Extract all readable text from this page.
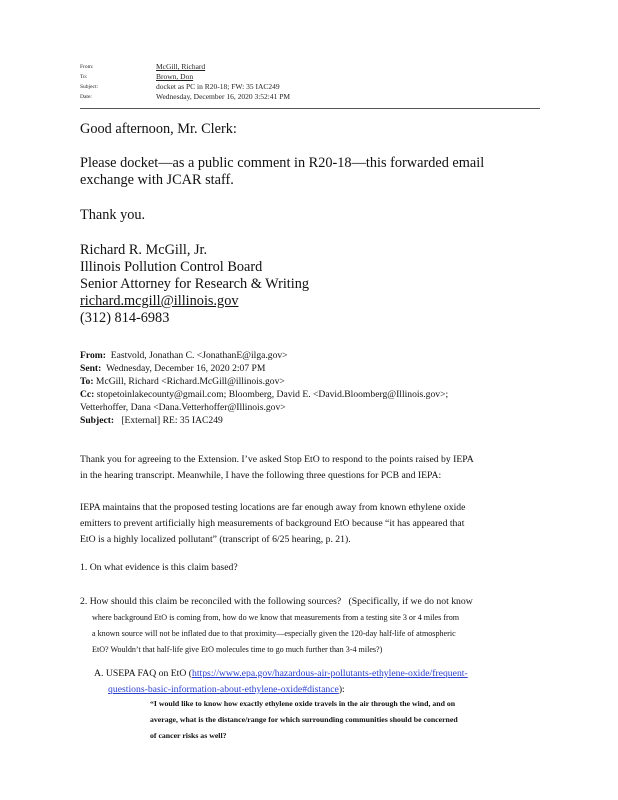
From:	McGill, Richard
To:	Brown, Don
Subject:	docket as PC in R20-18; FW: 35 IAC249
Date:	Wednesday, December 16, 2020 3:52:41 PM
Good afternoon, Mr. Clerk:
Please docket—as a public comment in R20-18—this forwarded email
exchange with JCAR staff.
Thank you.
Richard R. McGill, Jr.
Illinois Pollution Control Board
Senior Attorney for Research & Writing
richard.mcgill@illinois.gov
(312) 814-6983
From: Eastvold, Jonathan C. <JonathanE@ilga.gov>
Sent: Wednesday, December 16, 2020 2:07 PM
To: McGill, Richard <Richard.McGill@illinois.gov>
Cc: stopetoinlakecounty@gmail.com; Bloomberg, David E. <David.Bloomberg@Illinois.gov>;
Vetterhoffer, Dana <Dana.Vetterhoffer@Illinois.gov>
Subject: [External] RE: 35 IAC249
Thank you for agreeing to the Extension. I’ve asked Stop EtO to respond to the points raised by IEPA
in the hearing transcript. Meanwhile, I have the following three questions for PCB and IEPA:
IEPA maintains that the proposed testing locations are far enough away from known ethylene oxide
emitters to prevent artificially high measurements of background EtO because “it has appeared that
EtO is a highly localized pollutant” (transcript of 6/25 hearing, p. 21).
1. On what evidence is this claim based?
2. How should this claim be reconciled with the following sources? (Specifically, if we do not know
where background EtO is coming from, how do we know that measurements from a testing site 3 or 4 miles from
a known source will not be inflated due to that proximity—especially given the 120-day half-life of atmospheric
EtO? Wouldn’t that half-life give EtO molecules time to go much further than 3-4 miles?)
A. USEPA FAQ on EtO (https://www.epa.gov/hazardous-air-pollutants-ethylene-oxide/frequent-
questions-basic-information-about-ethylene-oxide#distance):
“I would like to know how exactly ethylene oxide travels in the air through the wind, and on
average, what is the distance/range for which surrounding communities should be concerned
of cancer risks as well?
